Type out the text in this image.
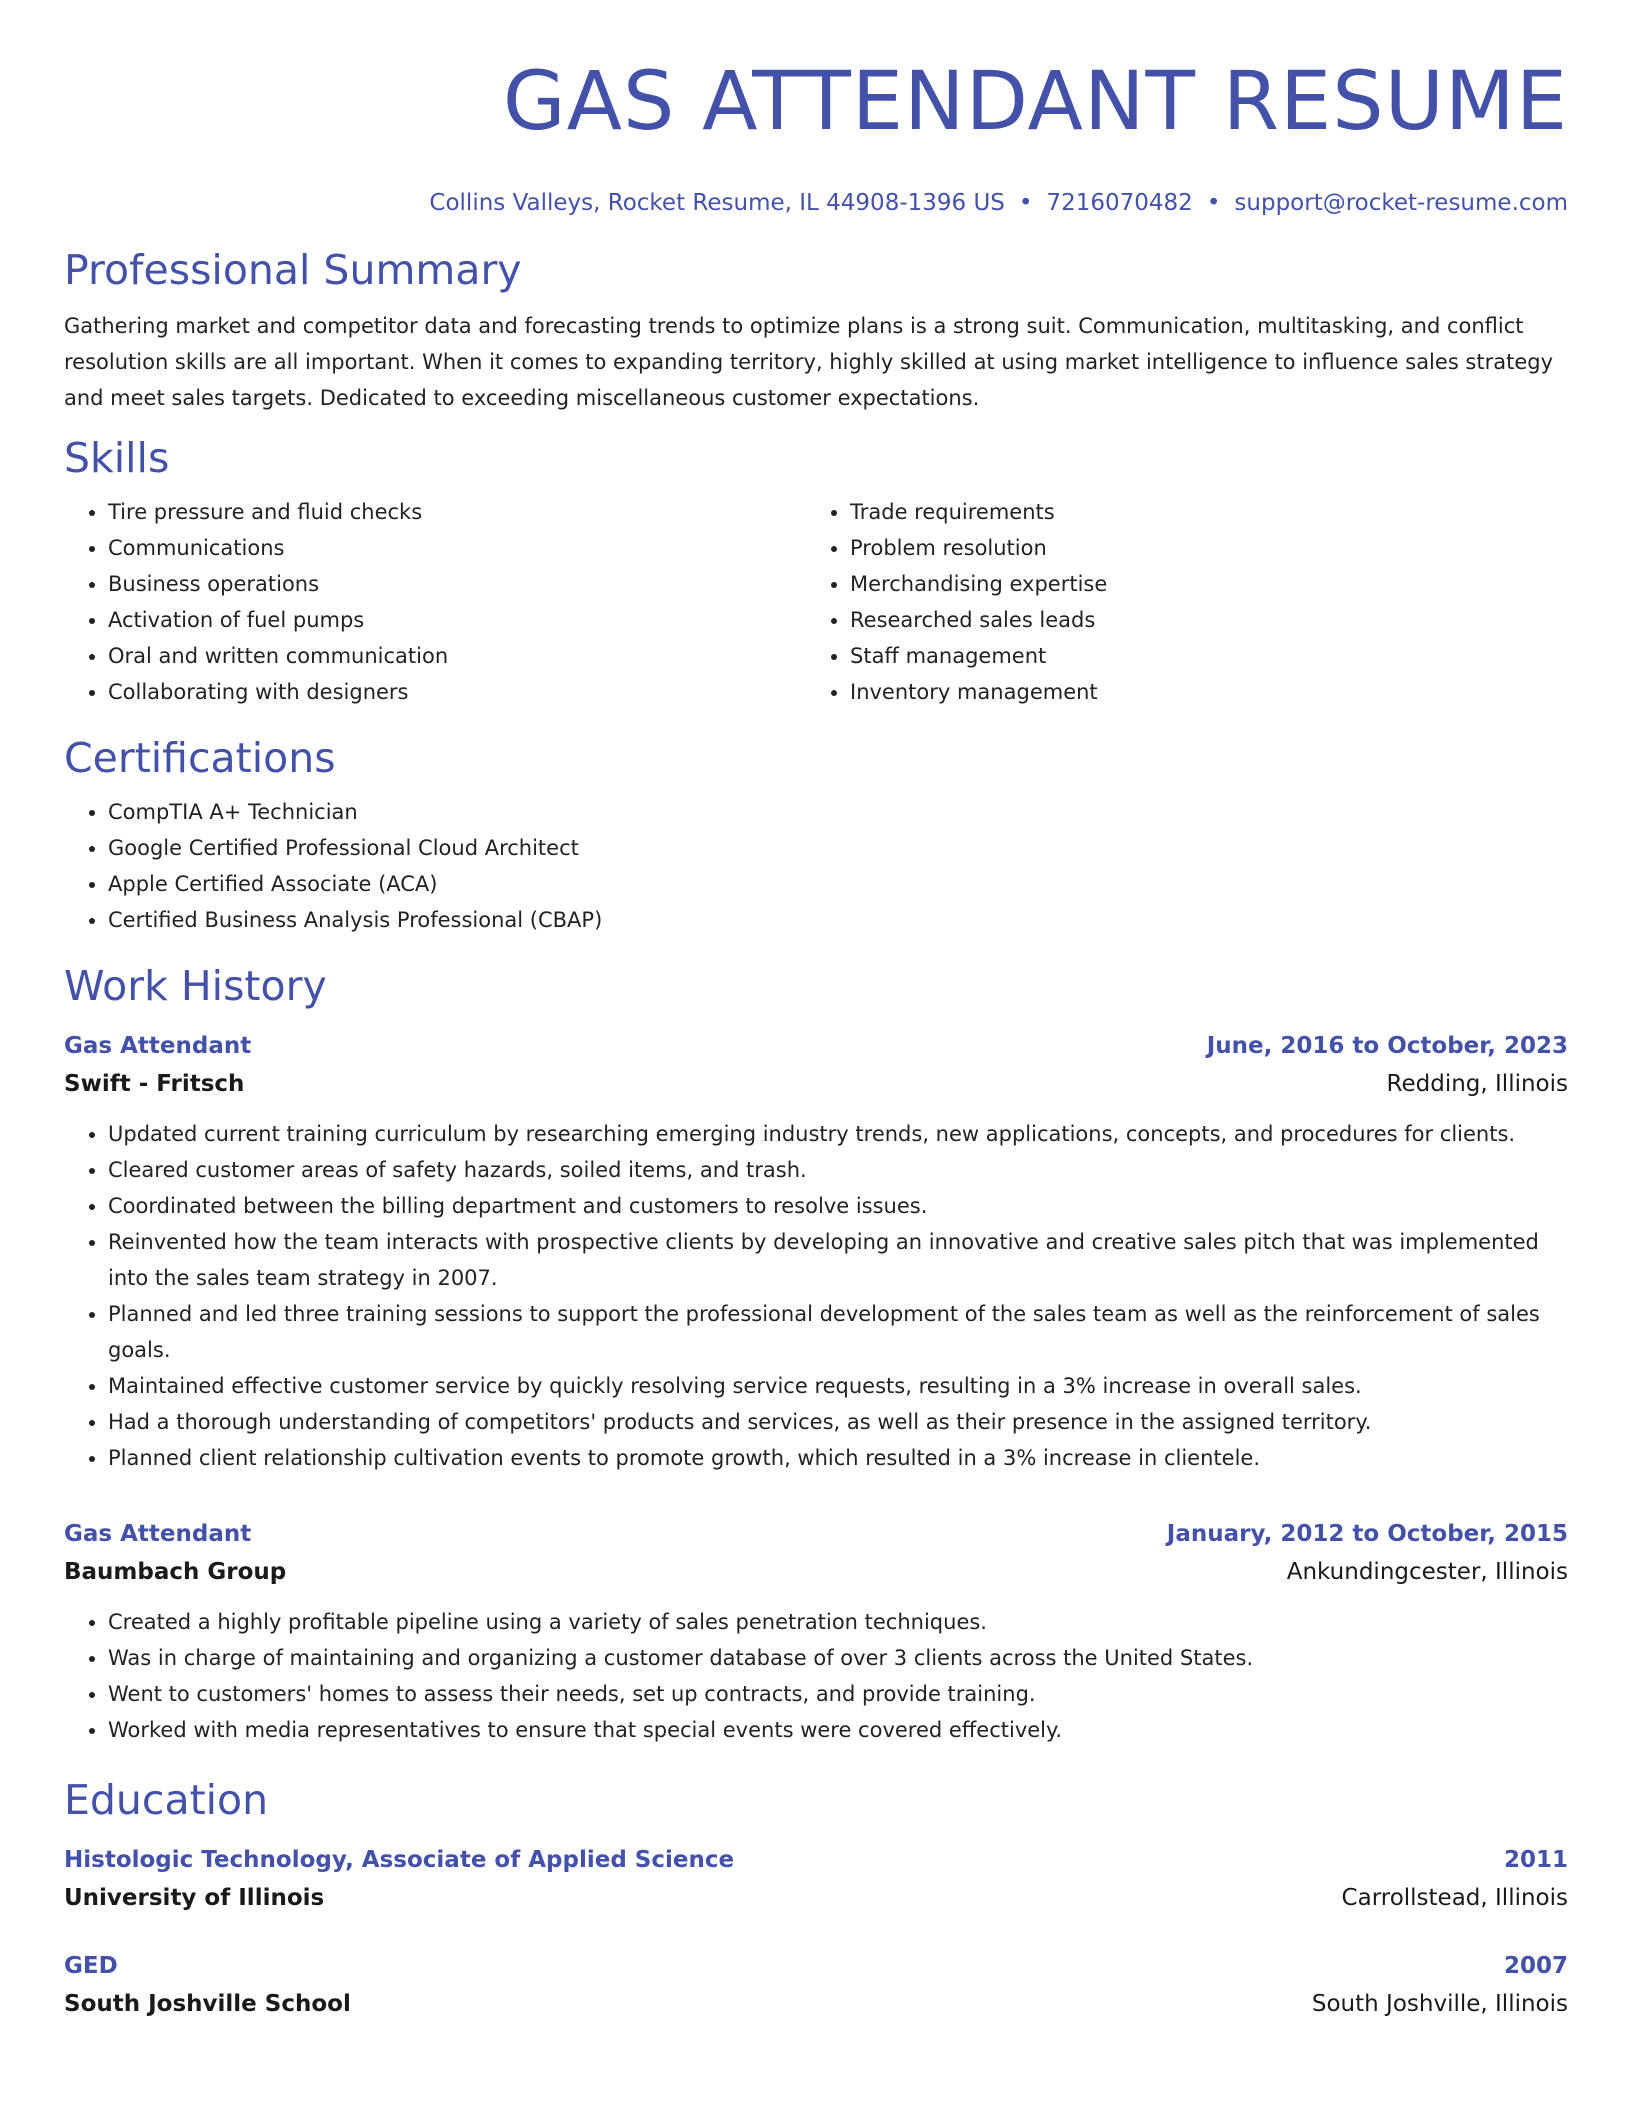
GAS ATTENDANT RESUME
Collins Valleys, Rocket Resume, IL 44908-1396 US • 7216070482 • support@rocket-resume.com
Professional Summary

Gathering market and competitor data and forecasting trends to optimize plans is a strong suit. Communication, multitasking, and conflict resolution skills are all important. When it comes to expanding territory, highly skilled at using market intelligence to influence sales strategy and meet sales targets. Dedicated to exceeding miscellaneous customer expectations.

Skills
• Tire pressure and fluid checks
• Communications
• Business operations
• Activation of fuel pumps
• Oral and written communication
• Collaborating with designers
• Trade requirements
• Problem resolution
• Merchandising expertise
• Researched sales leads
• Staff management
• Inventory management
Certifications
• CompTIA A+ Technician
• Google Certified Professional Cloud Architect
• Apple Certified Associate (ACA)
• Certified Business Analysis Professional (CBAP)
Work History
Gas Attendant	June, 2016 to October, 2023
Swift - Fritsch	Redding, Illinois
• Updated current training curriculum by researching emerging industry trends, new applications, concepts, and procedures for clients.
• Cleared customer areas of safety hazards, soiled items, and trash.
• Coordinated between the billing department and customers to resolve issues.
• Reinvented how the team interacts with prospective clients by developing an innovative and creative sales pitch that was implemented into the sales team strategy in 2007.
• Planned and led three training sessions to support the professional development of the sales team as well as the reinforcement of sales goals.
• Maintained effective customer service by quickly resolving service requests, resulting in a 3% increase in overall sales.
• Had a thorough understanding of competitors' products and services, as well as their presence in the assigned territory.
• Planned client relationship cultivation events to promote growth, which resulted in a 3% increase in clientele.
Gas Attendant	January, 2012 to October, 2015
Baumbach Group	Ankundingcester, Illinois
• Created a highly profitable pipeline using a variety of sales penetration techniques.
• Was in charge of maintaining and organizing a customer database of over 3 clients across the United States.
• Went to customers' homes to assess their needs, set up contracts, and provide training.
• Worked with media representatives to ensure that special events were covered effectively.
Education
Histologic Technology, Associate of Applied Science	2011
University of Illinois	Carrollstead, Illinois
GED	2007
South Joshville School	South Joshville, Illinois
